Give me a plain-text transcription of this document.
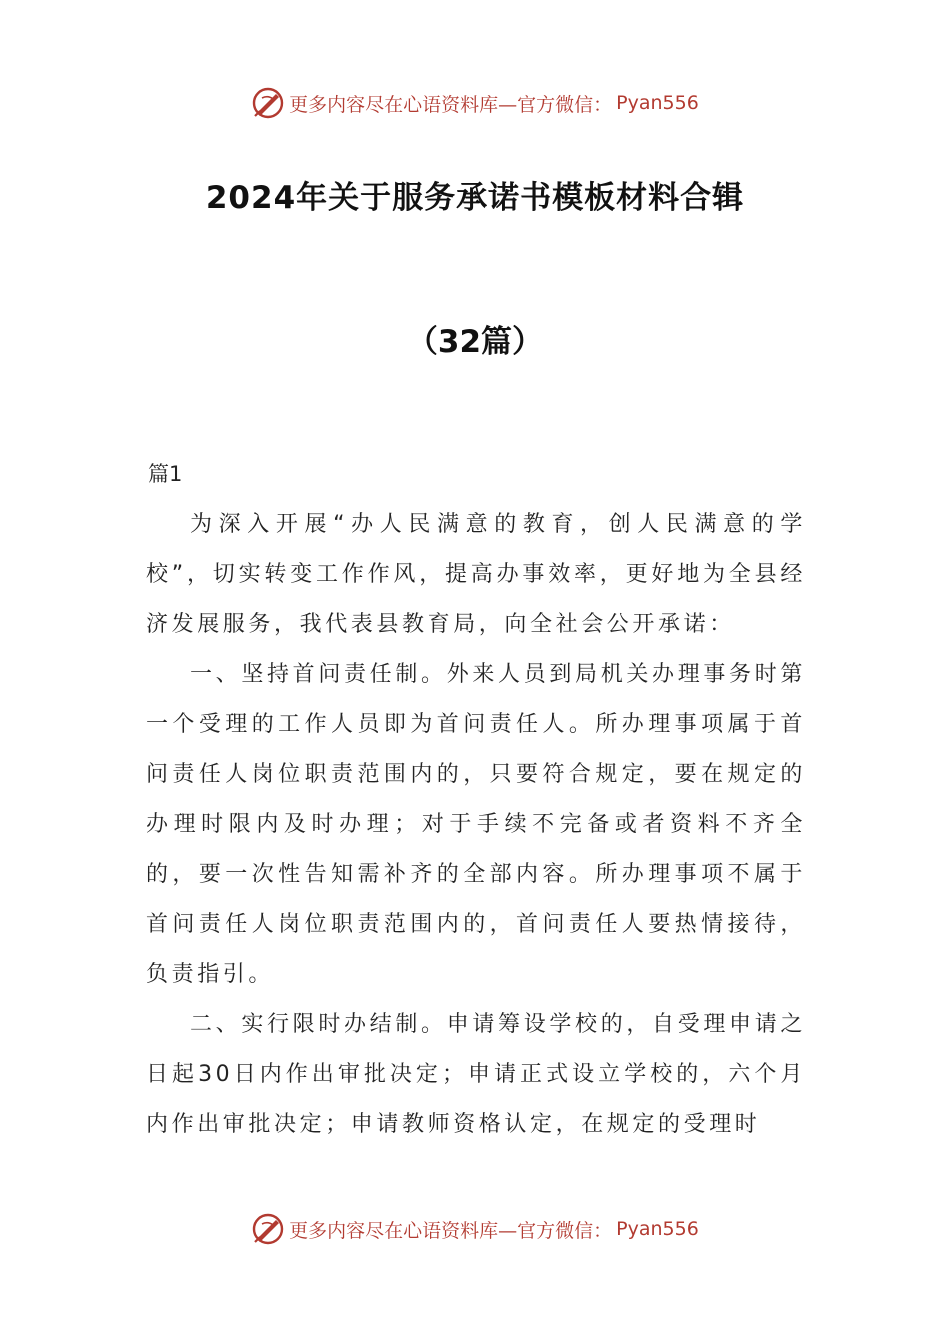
更多内容尽在心语资料库—官方微信： Pyan556
2024年关于服务承诺书模板材料合辑
（32篇）
篇1

为深入开展“办人民满意的教育，创人民满意的学校”，切实转变工作作风，提高办事效率，更好地为全县经济发展服务，我代表县教育局，向全社会公开承诺：

一、坚持首问责任制。外来人员到局机关办理事务时第一个受理的工作人员即为首问责任人。所办理事项属于首问责任人岗位职责范围内的，只要符合规定，要在规定的办理时限内及时办理；对于手续不完备或者资料不齐全的，要一次性告知需补齐的全部内容。所办理事项不属于首问责任人岗位职责范围内的，首问责任人要热情接待，负责指引。

二、实行限时办结制。申请筹设学校的，自受理申请之日起30日内作出审批决定；申请正式设立学校的，六个月内作出审批决定；申请教师资格认定，在规定的受理时

更多内容尽在心语资料库—官方微信： Pyan556
